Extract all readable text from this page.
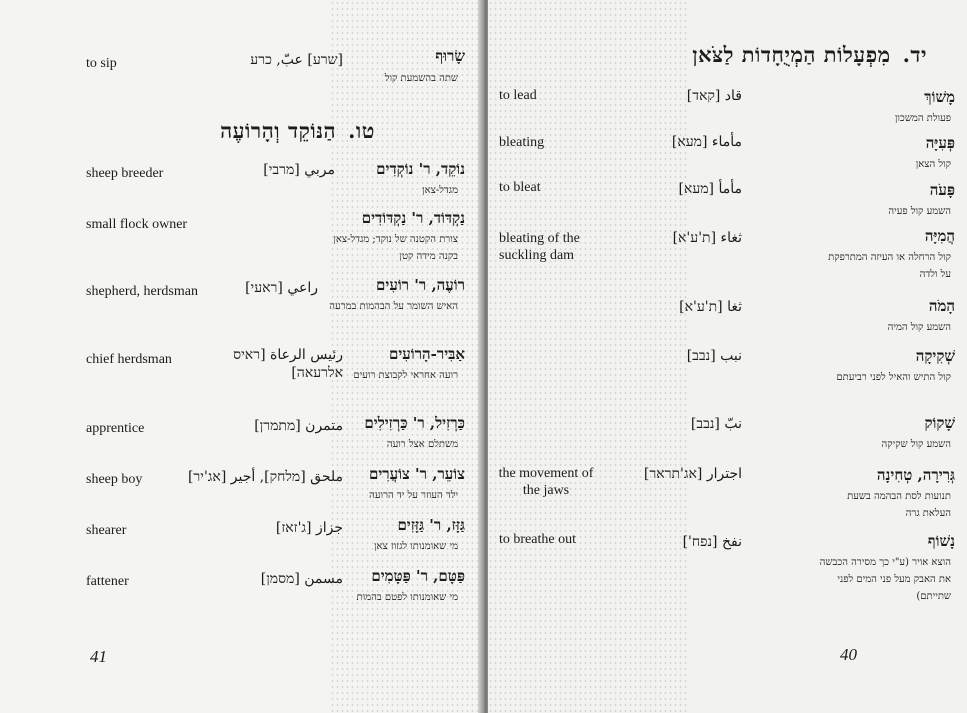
שָׂרוּף
שתה בהשמעת קול
[שרע] عبّ, כרע
to sip
טו.הַנּוֹקֵד וְהָרוֹעֶה
נוֹקֵד, ר' נוֹקְדִים
מגדל-צאן
مربي [מרבי]
sheep breeder
נַקְדּוֹד, ר' נַקְדּוֹדִים
צורת הקטנה של נוקד; מגדל-צאן בקנה מידה קטן
small flock owner
רוֹעֶה, ר' רוֹעִים
האיש השומר על הבהמות במרעה
راعي [ראעי]
shepherd, herdsman
אַבִּיר-הָרוֹעִים
רועה אחראי לקבוצת רועים
رئيس الرعاة [ראיס אלרעאה]
chief herdsman
כַּרְזִיל, ר' כַּרְזִילִים
משתלם אצל רועה
متمرن [מתמרן]
apprentice
צוֹעֵר, ר' צוֹעֲרִים
ילד העוזר על יד הרועה
ملحق [מלחק], أجير [אג'יר]
sheep boy
גַּזָּז, ר' גַּזָּזִים
מי שאומנותו לגזוז צאן
جزاز [ג'זאז]
shearer
פַּטָּם, ר' פַּטָּמִים
מי שאומנותו לפטם בהמות
مسمن [מסמן]
fattener
41
יד.מִפְעָלוֹת הַמְיֻחָדוֹת לַצֹּאן
מָשׁוֹךְ
פעולת המשכון
قاد [קאד]
to lead
פְּעִיָּה
קול הצאן
مأماء [מעא]
bleating
פָּעֹה
השמע קול פעיה
مأمأ [מעא]
to bleat
הֲמִיָּה
קול הרחלה או העיזה המתרפקת על ולדה
ثغاء [ת'ע'א]
bleating of the suckling dam
הָמֹה
השמע קול המיה
ثغا [ת'ע'א]
שְׁקִיקָה
קול התיש והאיל לפני רביעתם
نبب [נבב]
שָׁקוֹק
השמע קול שקיקה
نبّ [נבב]
גְּרִירָה, טְחִינָה
תנועות לסת הבהמה בשעת העלאת גרה
اجترار [אג'תראר]
the movement of the jaws
נָשׁוֹף
הוצא אויר (ע"י כך מסירה הכבשה את האבק מעל פני המים לפני שתייתם)
نفخ [נפח']
to breathe out
40
